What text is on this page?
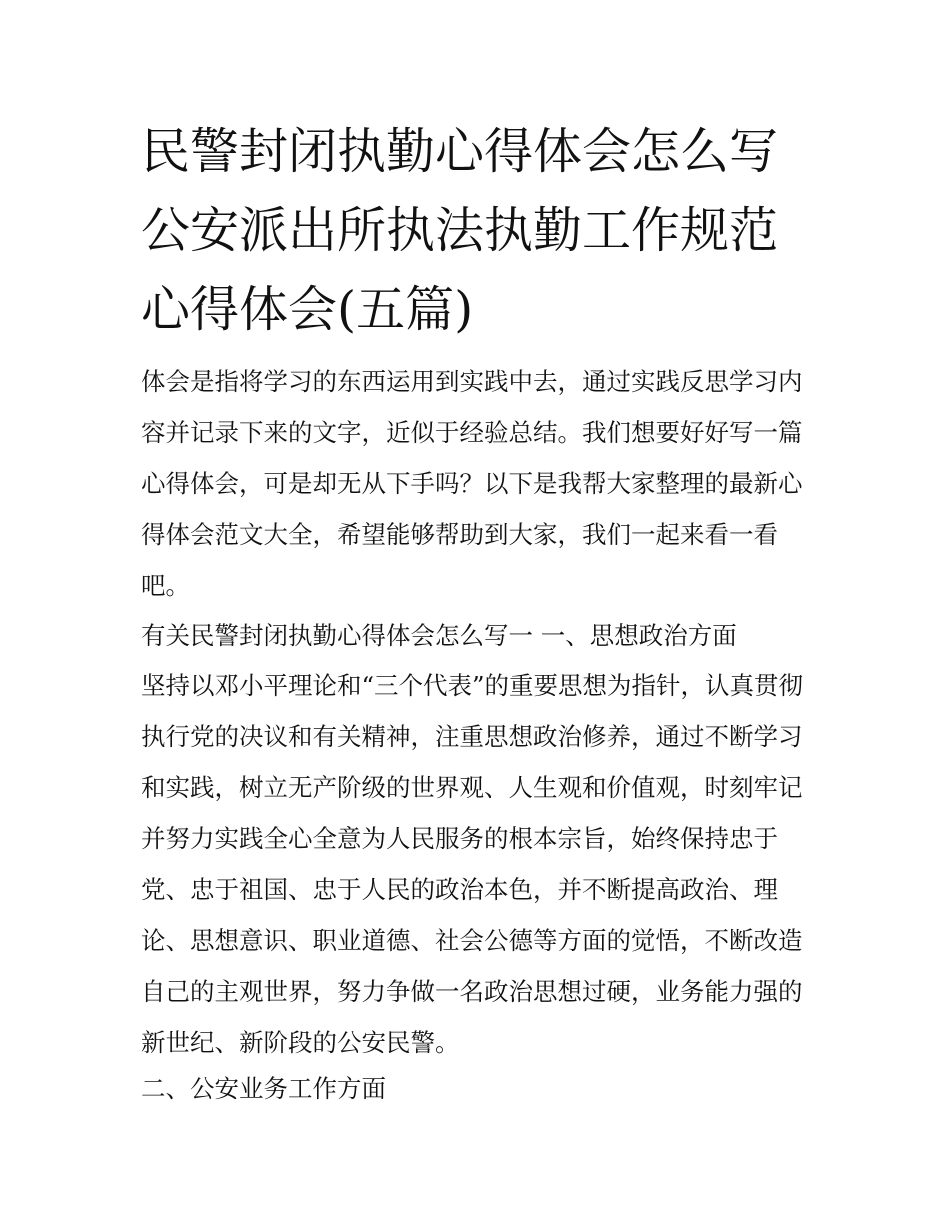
民警封闭执勤心得体会怎么写
公安派出所执法执勤工作规范
心得体会(五篇)

体会是指将学习的东西运用到实践中去，通过实践反思学习内
容并记录下来的文字，近似于经验总结。我们想要好好写一篇
心得体会，可是却无从下手吗？以下是我帮大家整理的最新心
得体会范文大全，希望能够帮助到大家，我们一起来看一看
吧。

有关民警封闭执勤心得体会怎么写一 一、思想政治方面

坚持以邓小平理论和“三个代表”的重要思想为指针，认真贯彻
执行党的决议和有关精神，注重思想政治修养，通过不断学习
和实践，树立无产阶级的世界观、人生观和价值观，时刻牢记
并努力实践全心全意为人民服务的根本宗旨，始终保持忠于
党、忠于祖国、忠于人民的政治本色，并不断提高政治、理
论、思想意识、职业道德、社会公德等方面的觉悟，不断改造
自己的主观世界，努力争做一名政治思想过硬，业务能力强的
新世纪、新阶段的公安民警。

二、公安业务工作方面
